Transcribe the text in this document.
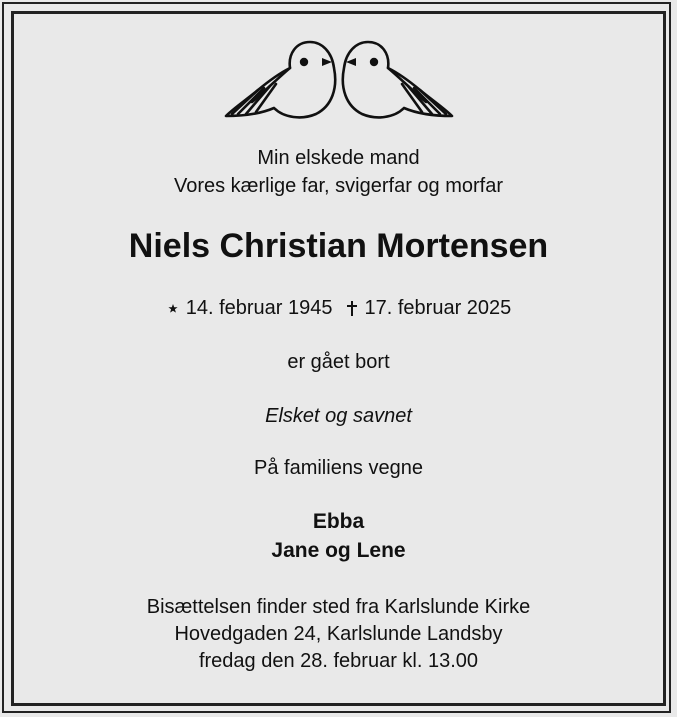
Min elskede mand
Vores kærlige far, svigerfar og morfar
Niels Christian Mortensen
14. februar 1945 17. februar 2025
er gået bort
Elsket og savnet
På familiens vegne
Ebba
Jane og Lene
Bisættelsen finder sted fra Karlslunde Kirke
Hovedgaden 24, Karlslunde Landsby
fredag den 28. februar kl. 13.00
